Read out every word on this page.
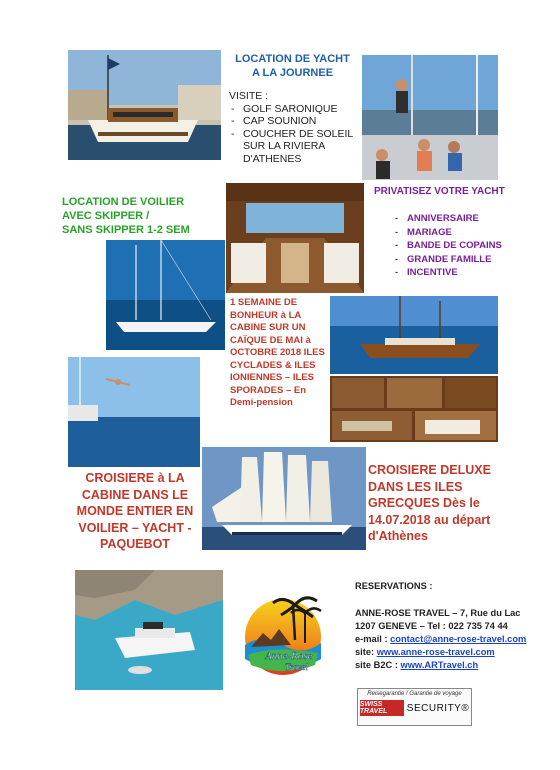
LOCATION DE YACHT
A LA JOURNEE
VISITE :
- GOLF SARONIQUE
- CAP SOUNION
- COUCHER DE SOLEIL SUR LA RIVIERA D'ATHENES
LOCATION DE VOILIER
AVEC SKIPPER /
SANS SKIPPER 1-2 SEM
PRIVATISEZ VOTRE YACHT
- ANNIVERSAIRE
- MARIAGE
- BANDE DE COPAINS
- GRANDE FAMILLE
- INCENTIVE
1 SEMAINE DE BONHEUR à LA CABINE SUR UN CAÏQUE DE MAI à OCTOBRE 2018 ILES CYCLADES & ILES IONIENNES – ILES SPORADES – En Demi-pension
CROISIERE à LA CABINE DANS LE MONDE ENTIER EN VOILIER – YACHT - PAQUEBOT
CROISIERE DELUXE DANS LES ILES GRECQUES Dès le 14.07.2018 au départ d'Athènes
Anne-Rose
Travel
RESERVATIONS :
ANNE-ROSE TRAVEL – 7, Rue du Lac
1207 GENEVE – Tel : 022 735 74 44
e-mail : contact@anne-rose-travel.com
site: www.anne-rose-travel.com
site B2C : www.ARTravel.ch
Reisegarantie / Garantie de voyage
SWISS TRAVEL	SECURITY®
